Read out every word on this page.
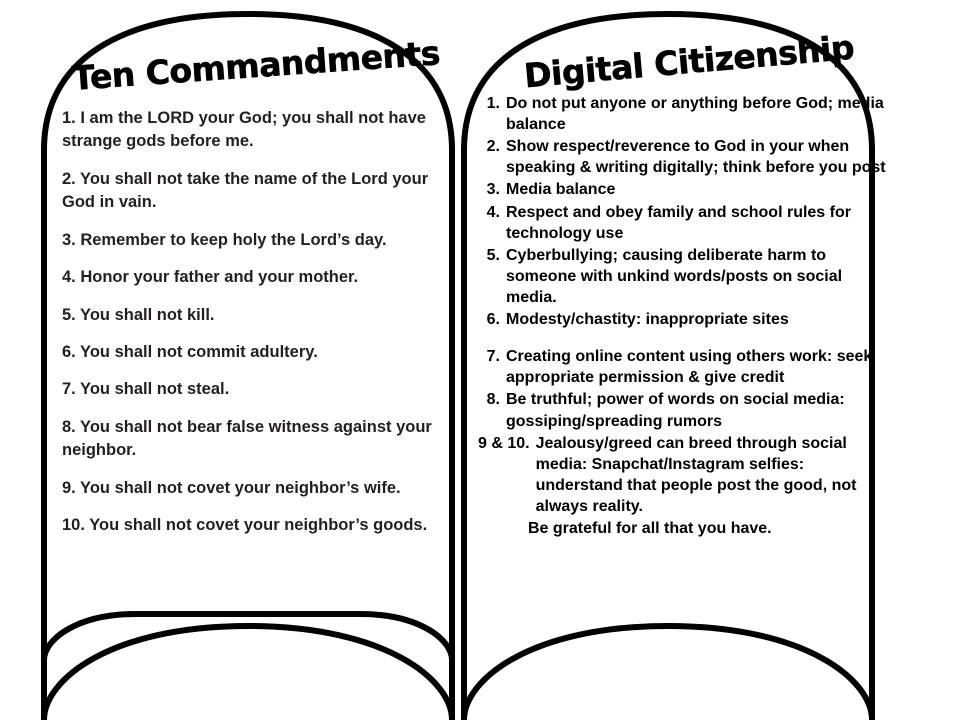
Ten Commandments
1. I am the LORD your God; you shall not have strange gods before me.
2. You shall not take the name of the Lord your God in vain.
3. Remember to keep holy the Lord’s day.
4. Honor your father and your mother.
5. You shall not kill.
6. You shall not commit adultery.
7. You shall not steal.
8. You shall not bear false witness against your neighbor.
9. You shall not covet your neighbor’s wife.
10. You shall not covet your neighbor’s goods.
Digital Citizenship
1. Do not put anyone or anything before God; media balance
2. Show respect/reverence to God in your when speaking & writing digitally; think before you post
3. Media balance
4. Respect and obey family and school rules for technology use
5. Cyberbullying; causing deliberate harm to someone with unkind words/posts on social media.
6. Modesty/chastity: inappropriate sites
7. Creating online content using others work: seek appropriate permission & give credit
8. Be truthful; power of words on social media: gossiping/spreading rumors
9 & 10. Jealousy/greed can breed through social media: Snapchat/Instagram selfies: understand that people post the good, not always reality.
Be grateful for all that you have.
